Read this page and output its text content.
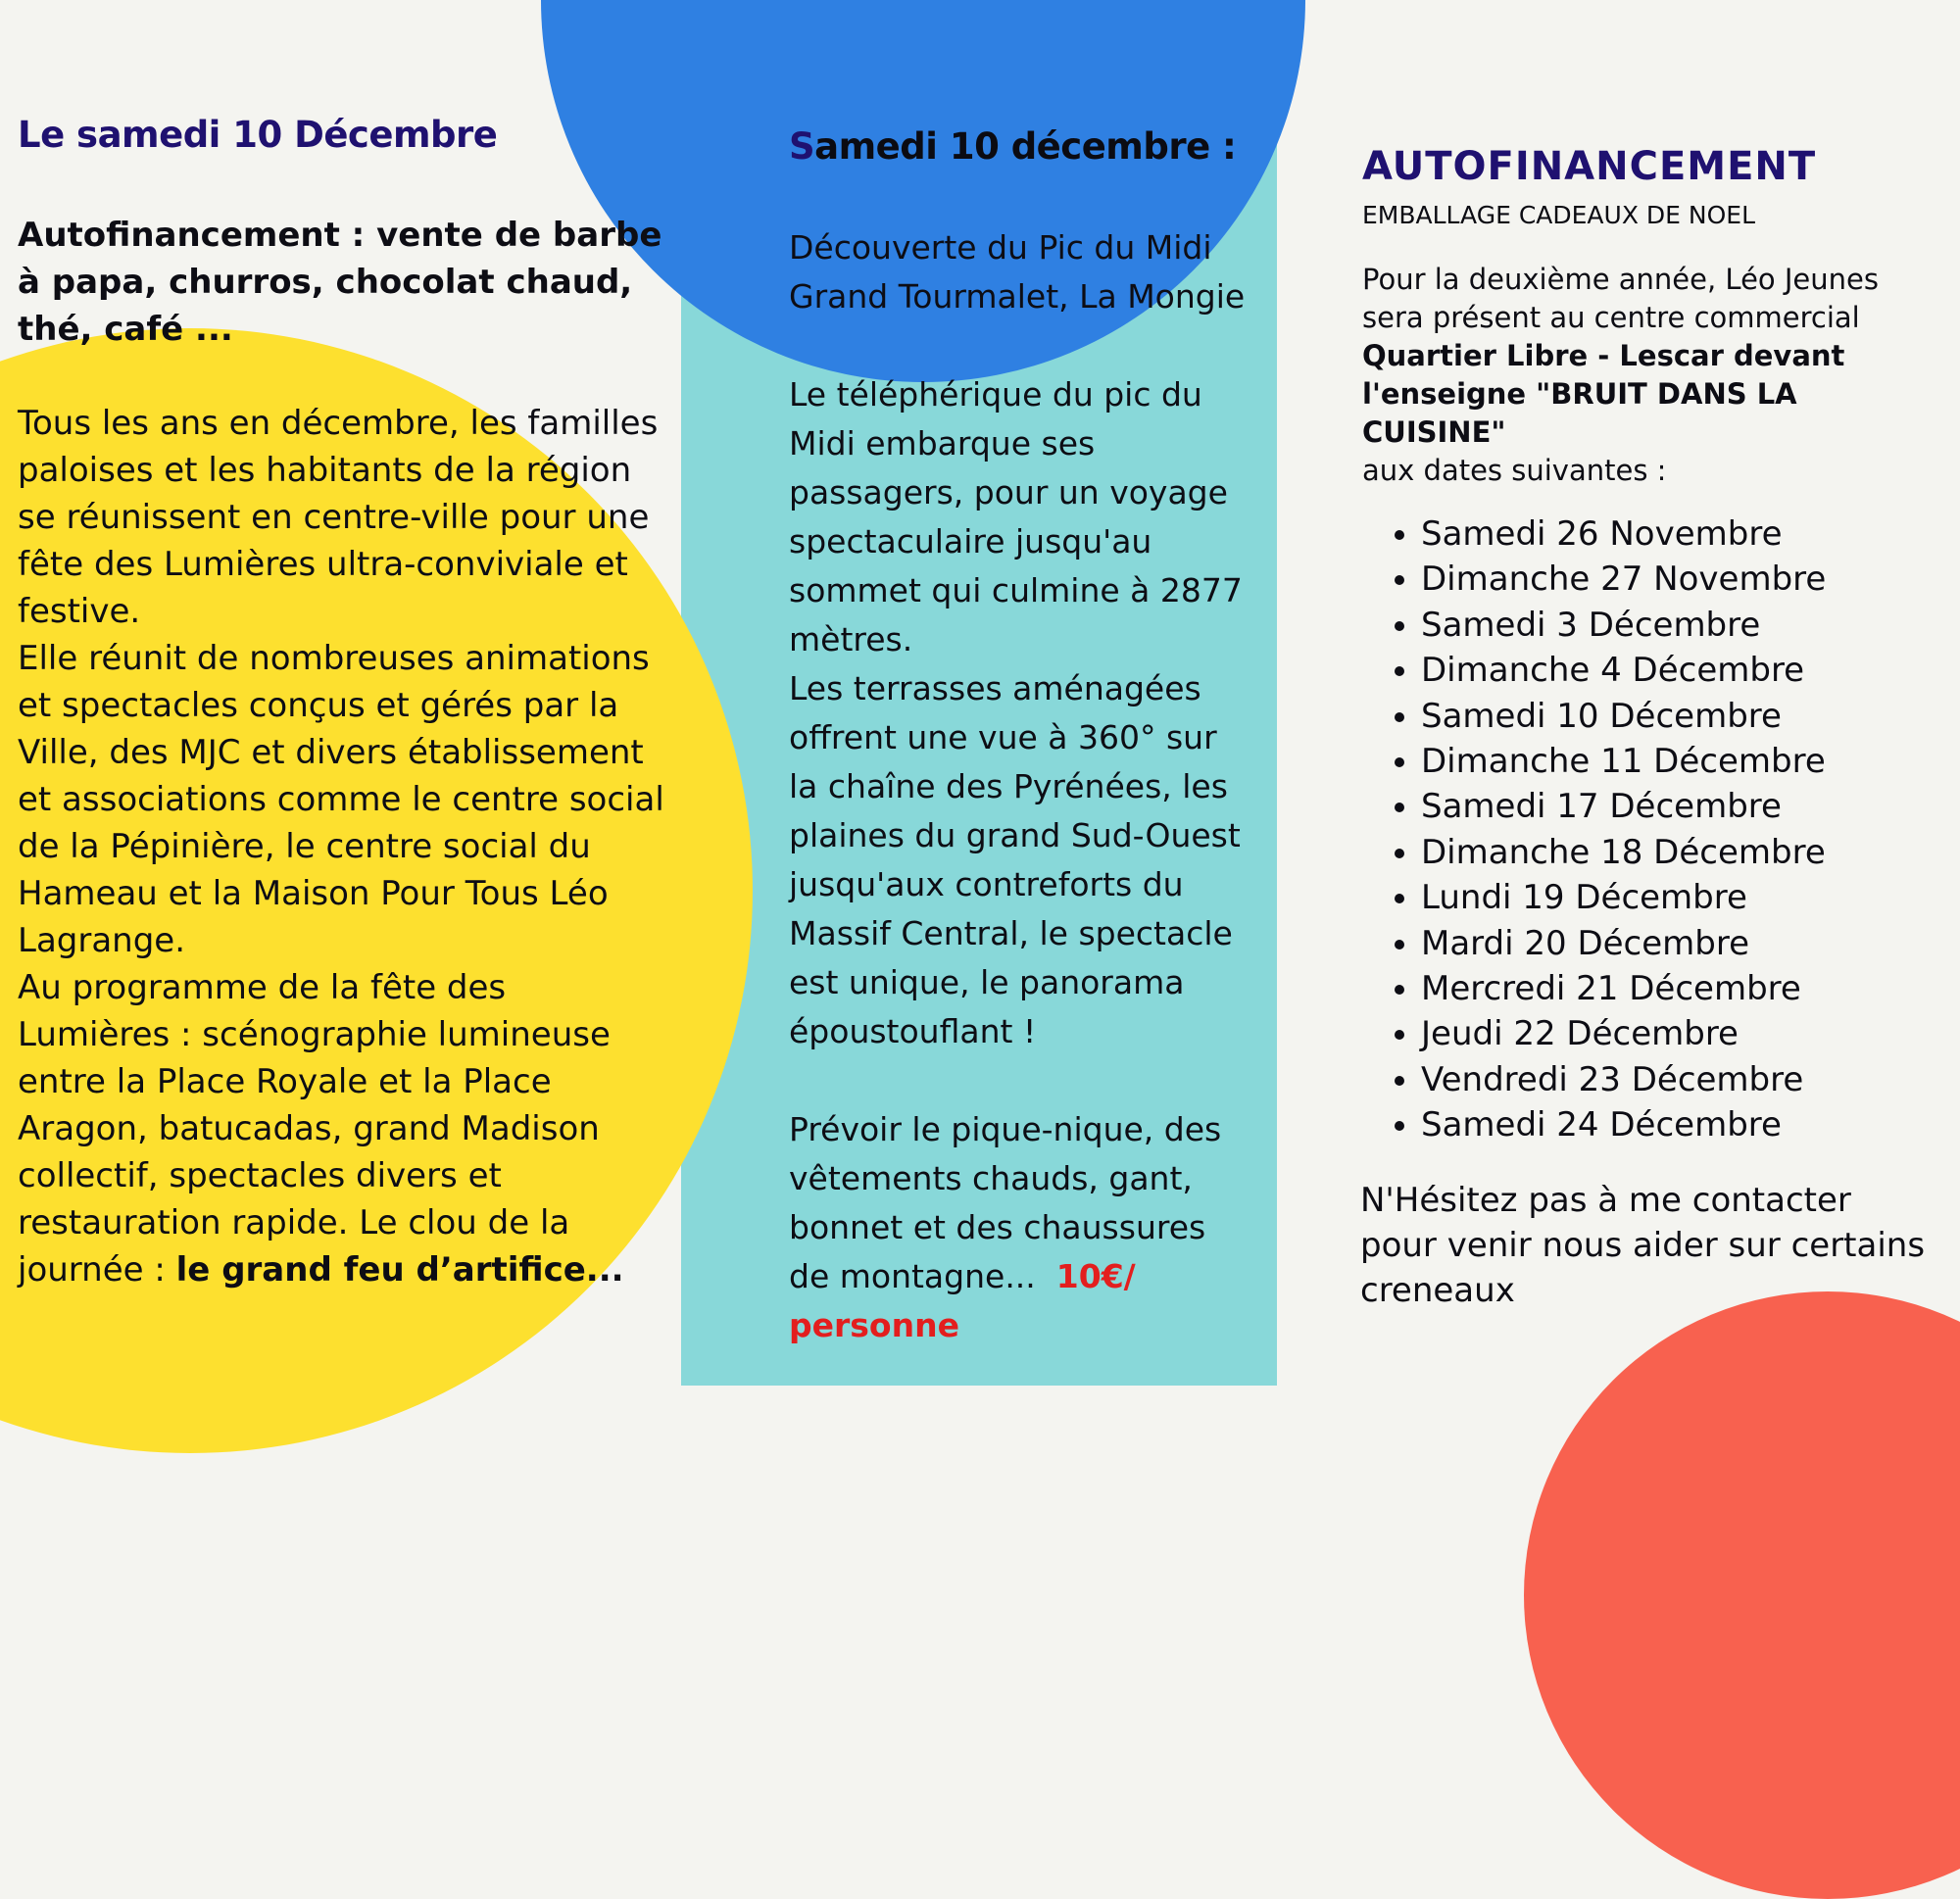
Le samedi 10 Décembre

Autofinancement : vente de barbe à papa, churros, chocolat chaud, thé, café ...

Tous les ans en décembre, les familles paloises et les habitants de la région se réunissent en centre-ville pour une fête des Lumières ultra-conviviale et festive.

Elle réunit de nombreuses animations et spectacles conçus et gérés par la Ville, des MJC et divers établissement et associations comme le centre social de la Pépinière, le centre social du Hameau et la Maison Pour Tous Léo Lagrange.

Au programme de la fête des Lumières : scénographie lumineuse entre la Place Royale et la Place Aragon, batucadas, grand Madison collectif, spectacles divers et restauration rapide. Le clou de la journée : le grand feu d’artifice...

Samedi 10 décembre :

Découverte du Pic du Midi Grand Tourmalet, La Mongie

Le téléphérique du pic du Midi embarque ses passagers, pour un voyage spectaculaire jusqu'au sommet qui culmine à 2877 mètres.

Les terrasses aménagées offrent une vue à 360° sur la chaîne des Pyrénées, les plaines du grand Sud-Ouest jusqu'aux contreforts du Massif Central, le spectacle est unique, le panorama époustouflant !

Prévoir le pique-nique, des vêtements chauds, gant, bonnet et des chaussures de montagne... 10€/ personne

AUTOFINANCEMENT

EMBALLAGE CADEAUX DE NOEL

Pour la deuxième année, Léo Jeunes sera présent au centre commercial Quartier Libre - Lescar devant l'enseigne "BRUIT DANS LA CUISINE"
aux dates suivantes :

• Samedi 26 Novembre
• Dimanche 27 Novembre
• Samedi 3 Décembre
• Dimanche 4 Décembre
• Samedi 10 Décembre
• Dimanche 11 Décembre
• Samedi 17 Décembre
• Dimanche 18 Décembre
• Lundi 19 Décembre
• Mardi 20 Décembre
• Mercredi 21 Décembre
• Jeudi 22 Décembre
• Vendredi 23 Décembre
• Samedi 24 Décembre

N'Hésitez pas à me contacter pour venir nous aider sur certains creneaux
